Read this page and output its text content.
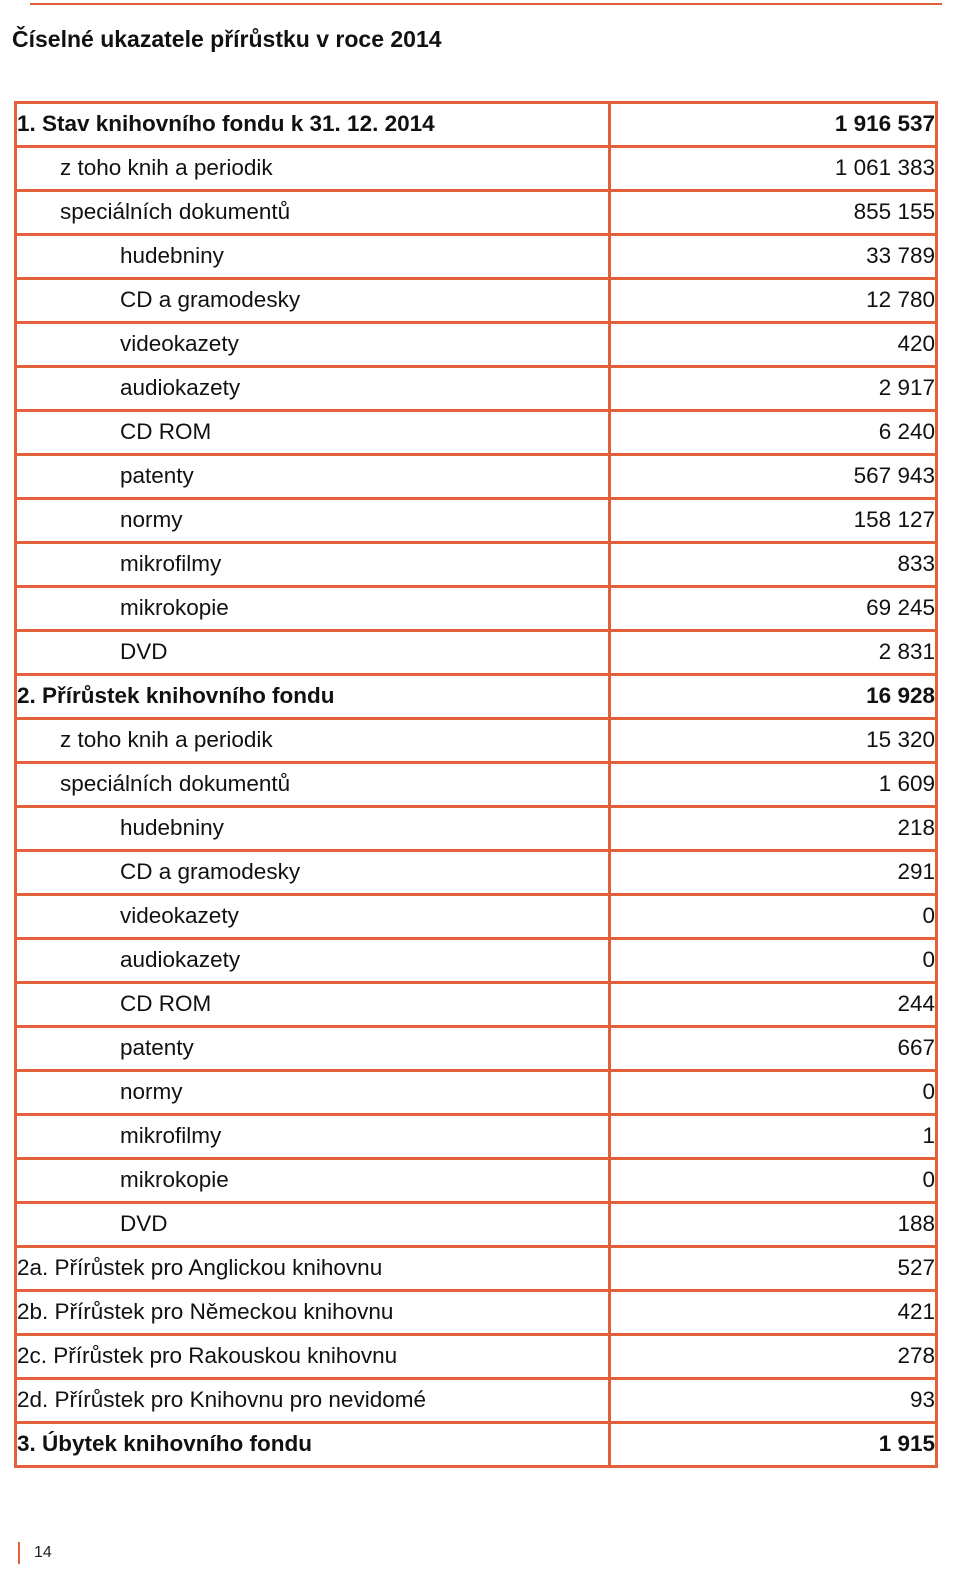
Číselné ukazatele přírůstku v roce 2014
1. Stav knihovního fondu k 31. 12. 2014	1 916 537
z toho knih a periodik	1 061 383
speciálních dokumentů	855 155
hudebniny	33 789
CD a gramodesky	12 780
videokazety	420
audiokazety	2 917
CD ROM	6 240
patenty	567 943
normy	158 127
mikrofilmy	833
mikrokopie	69 245
DVD	2 831
2. Přírůstek knihovního fondu	16 928
z toho knih a periodik	15 320
speciálních dokumentů	1 609
hudebniny	218
CD a gramodesky	291
videokazety	0
audiokazety	0
CD ROM	244
patenty	667
normy	0
mikrofilmy	1
mikrokopie	0
DVD	188
2a. Přírůstek pro Anglickou knihovnu	527
2b. Přírůstek pro Německou knihovnu	421
2c. Přírůstek pro Rakouskou knihovnu	278
2d. Přírůstek pro Knihovnu pro nevidomé	93
3. Úbytek knihovního fondu	1 915
14
